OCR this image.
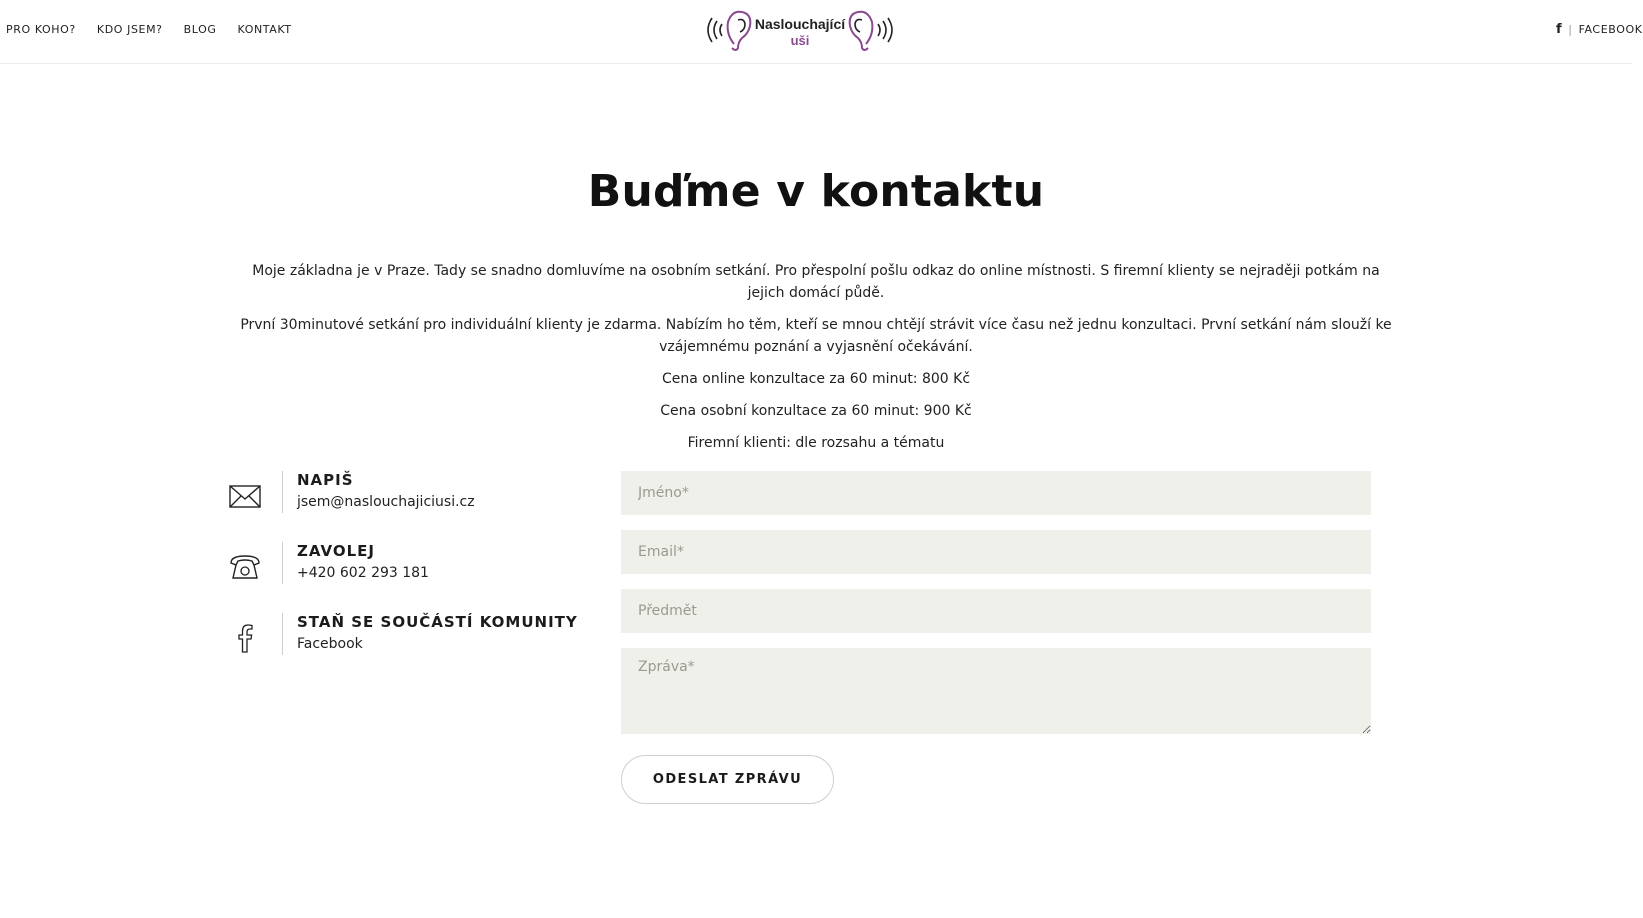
PRO KOHO? KDO JSEM? BLOG KONTAKT	Naslouchající
uši
f | FACEBOOK
Buďme v kontaktu

Moje základna je v Praze. Tady se snadno domluvíme na osobním setkání. Pro přespolní pošlu odkaz do online místnosti. S firemní klienty se nejraději potkám na jejich domácí půdě.

První 30minutové setkání pro individuální klienty je zdarma. Nabízím ho těm, kteří se mnou chtějí strávit více času než jednu konzultaci. První setkání nám slouží ke vzájemnému poznání a vyjasnění očekávání.

Cena online konzultace za 60 minut: 800 Kč

Cena osobní konzultace za 60 minut: 900 Kč

Firemní klienti: dle rozsahu a tématu

NAPIŠ
jsem@naslouchajiciusi.cz
ZAVOLEJ
+420 602 293 181
STAŇ SE SOUČÁSTÍ KOMUNITY
Facebook
Jméno*
Email*
Předmět
Zpráva*
ODESLAT ZPRÁVU
